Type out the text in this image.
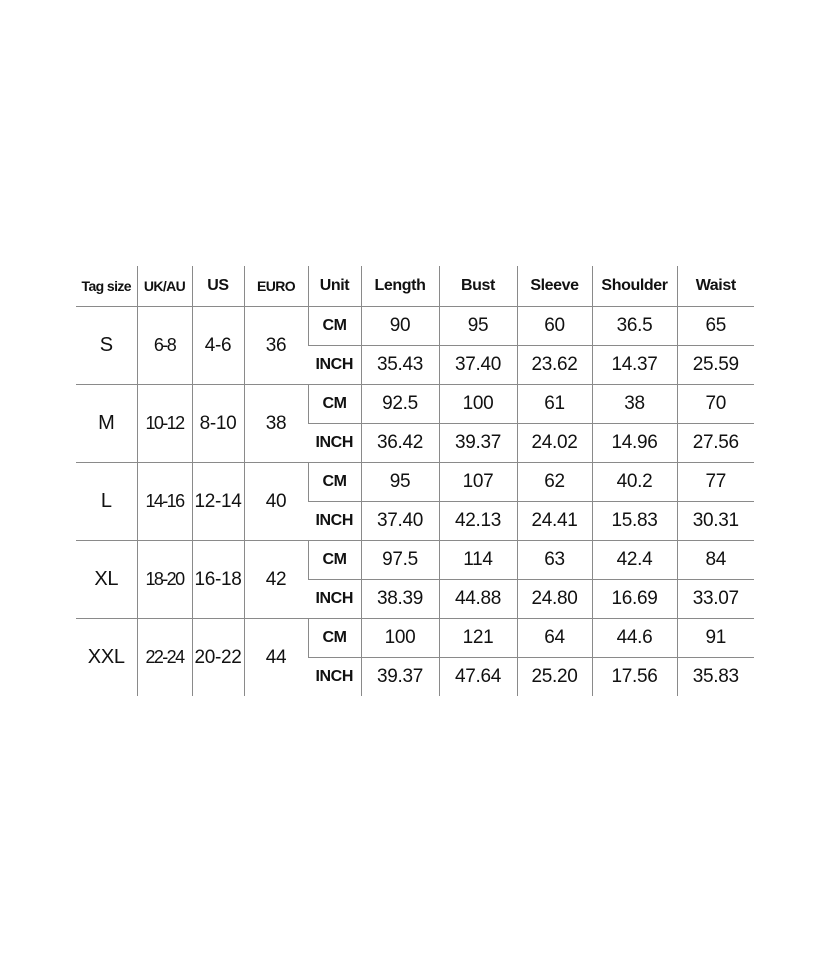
Tag size	UK/AU	US	EURO	Unit	Length	Bust	Sleeve	Shoulder	Waist
S	6-8	4-6	36	CM	90	95	60	36.5	65
				INCH	35.43	37.40	23.62	14.37	25.59
M	10-12	8-10	38	CM	92.5	100	61	38	70
				INCH	36.42	39.37	24.02	14.96	27.56
L	14-16	12-14	40	CM	95	107	62	40.2	77
				INCH	37.40	42.13	24.41	15.83	30.31
XL	18-20	16-18	42	CM	97.5	114	63	42.4	84
				INCH	38.39	44.88	24.80	16.69	33.07
XXL	22-24	20-22	44	CM	100	121	64	44.6	91
				INCH	39.37	47.64	25.20	17.56	35.83
